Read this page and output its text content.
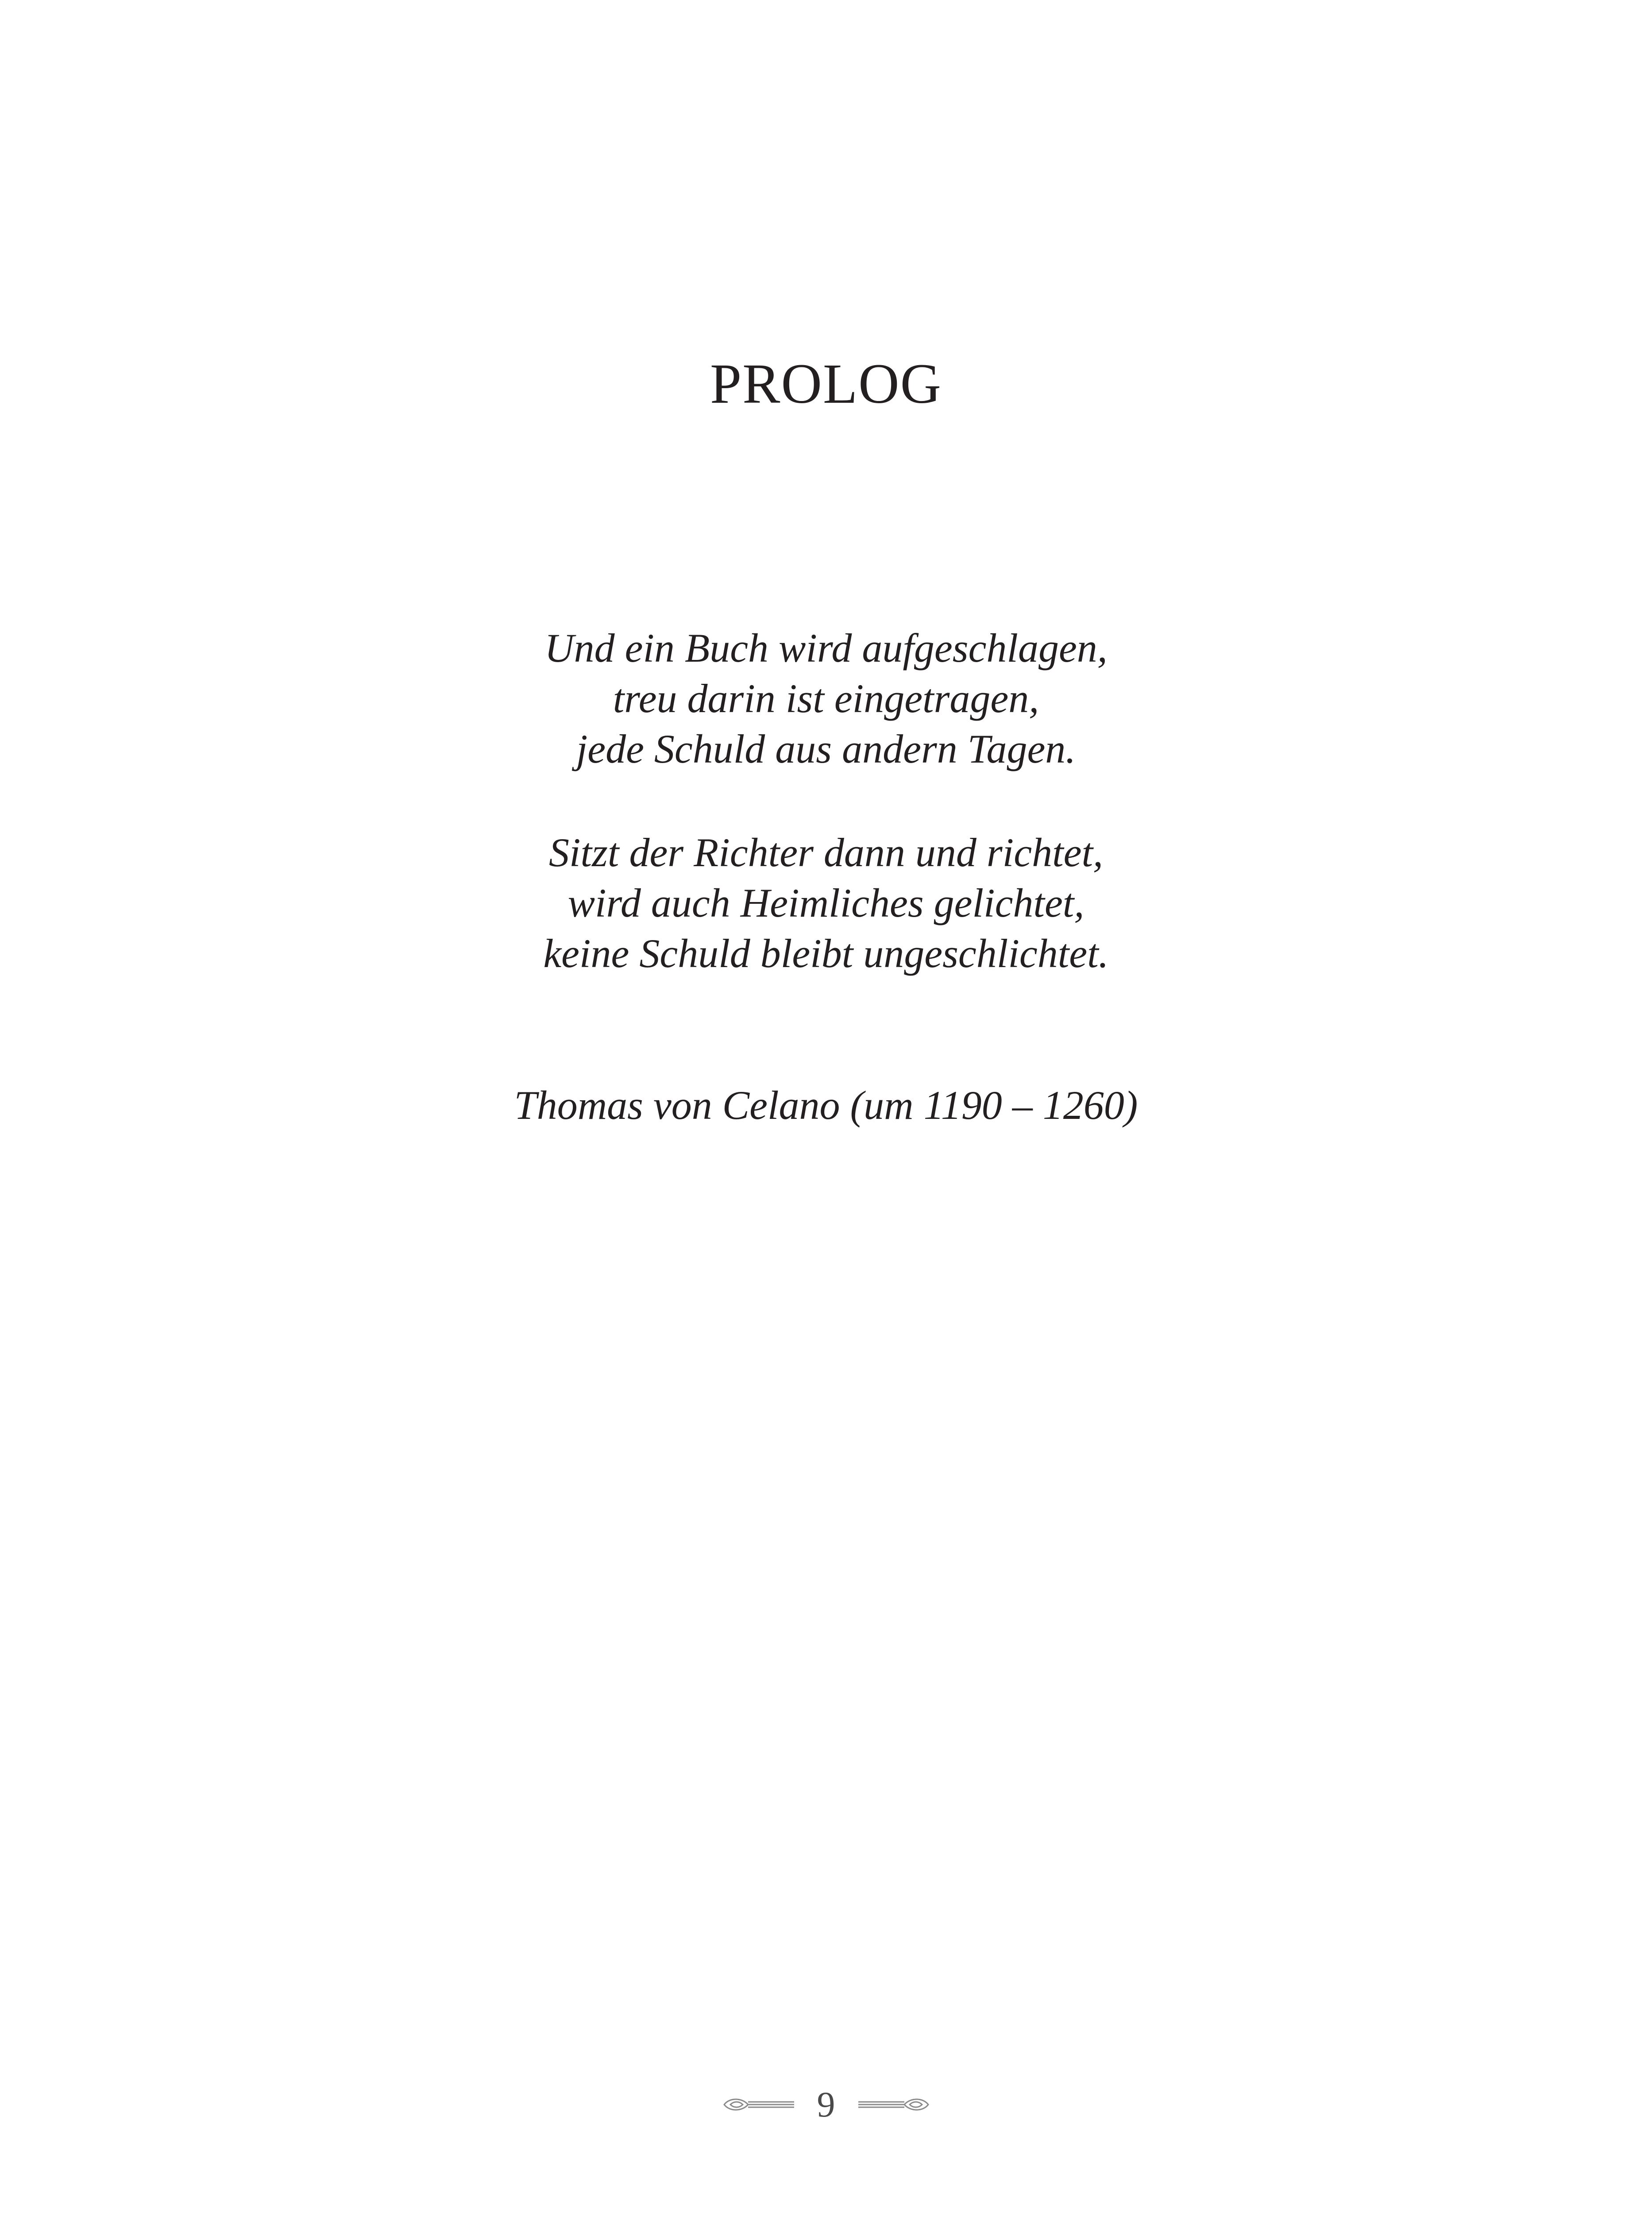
PROLOG
Und ein Buch wird aufgeschlagen,
treu darin ist eingetragen,
jede Schuld aus andern Tagen.
Sitzt der Richter dann und richtet,
wird auch Heimliches gelichtet,
keine Schuld bleibt ungeschlichtet.
Thomas von Celano (um 1190 – 1260)
9
